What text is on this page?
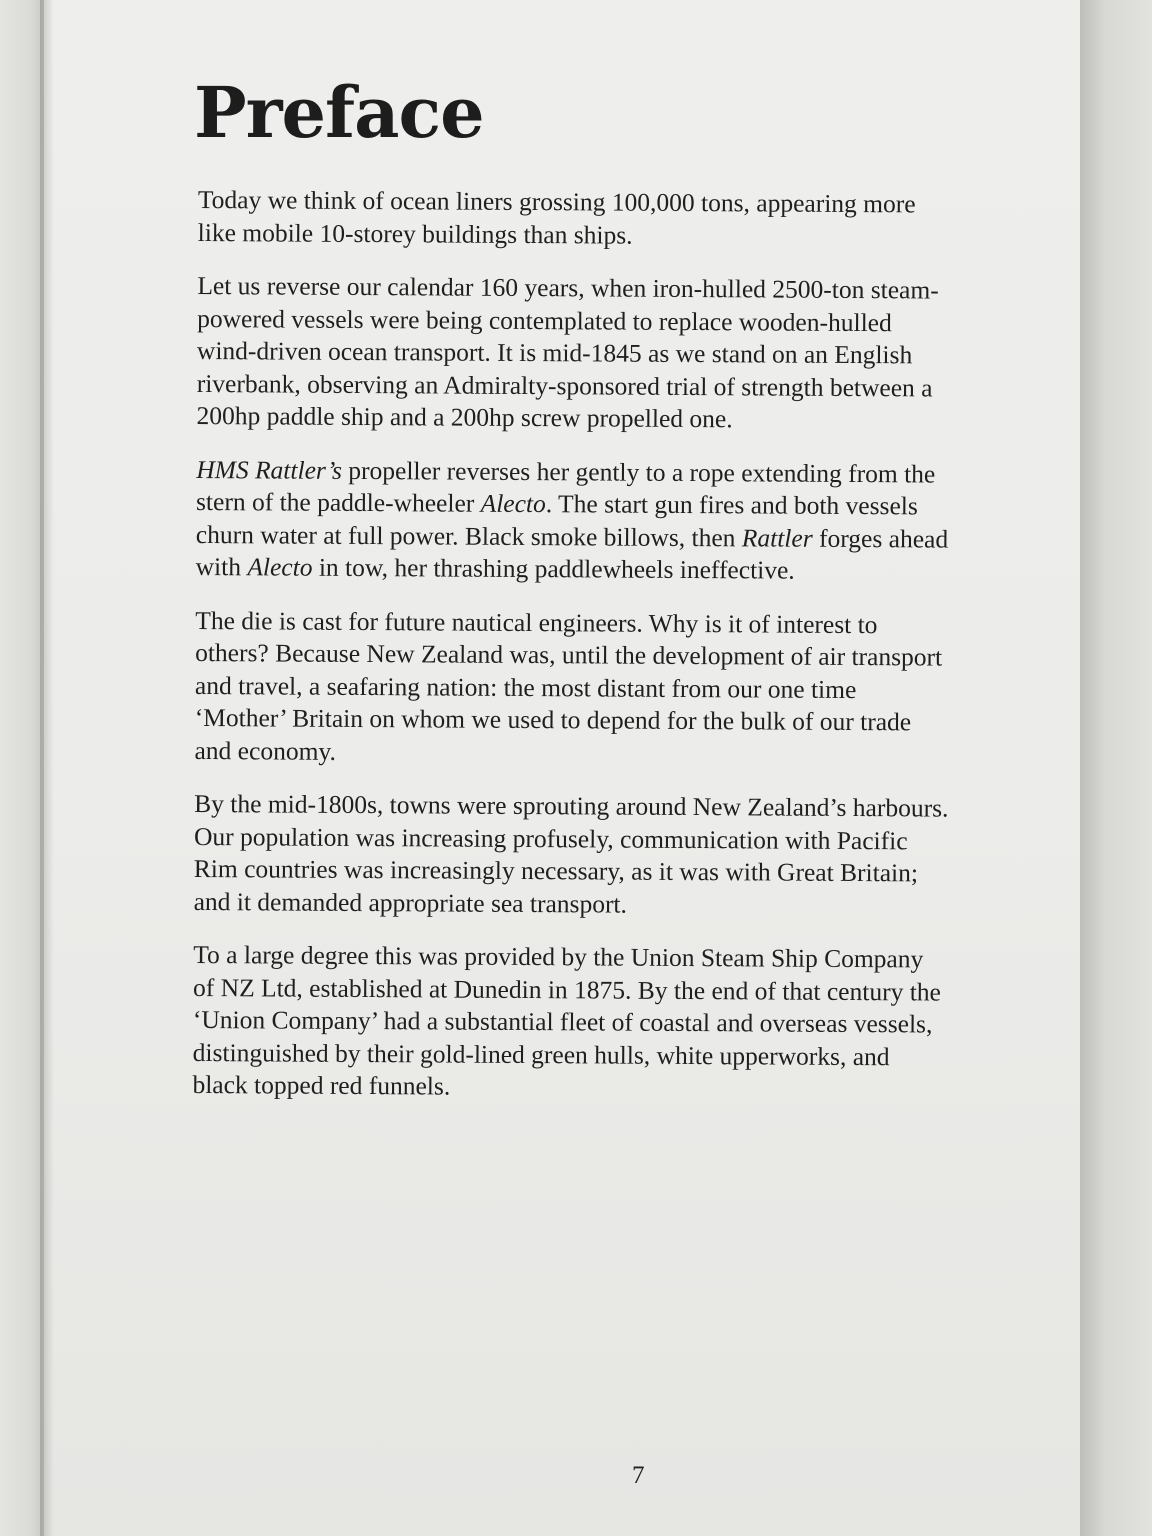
Preface

Today we think of ocean liners grossing 100,000 tons, appearing more
like mobile 10-storey buildings than ships.

Let us reverse our calendar 160 years, when iron-hulled 2500-ton steam-
powered vessels were being contemplated to replace wooden-hulled
wind-driven ocean transport. It is mid-1845 as we stand on an English
riverbank, observing an Admiralty-sponsored trial of strength between a
200hp paddle ship and a 200hp screw propelled one.

HMS Rattler’s propeller reverses her gently to a rope extending from the
stern of the paddle-wheeler Alecto. The start gun fires and both vessels
churn water at full power. Black smoke billows, then Rattler forges ahead
with Alecto in tow, her thrashing paddlewheels ineffective.

The die is cast for future nautical engineers. Why is it of interest to
others? Because New Zealand was, until the development of air transport
and travel, a seafaring nation: the most distant from our one time
‘Mother’ Britain on whom we used to depend for the bulk of our trade
and economy.

By the mid-1800s, towns were sprouting around New Zealand’s harbours.
Our population was increasing profusely, communication with Pacific
Rim countries was increasingly necessary, as it was with Great Britain;
and it demanded appropriate sea transport.

To a large degree this was provided by the Union Steam Ship Company
of NZ Ltd, established at Dunedin in 1875. By the end of that century the
‘Union Company’ had a substantial fleet of coastal and overseas vessels,
distinguished by their gold-lined green hulls, white upperworks, and
black topped red funnels.

7
